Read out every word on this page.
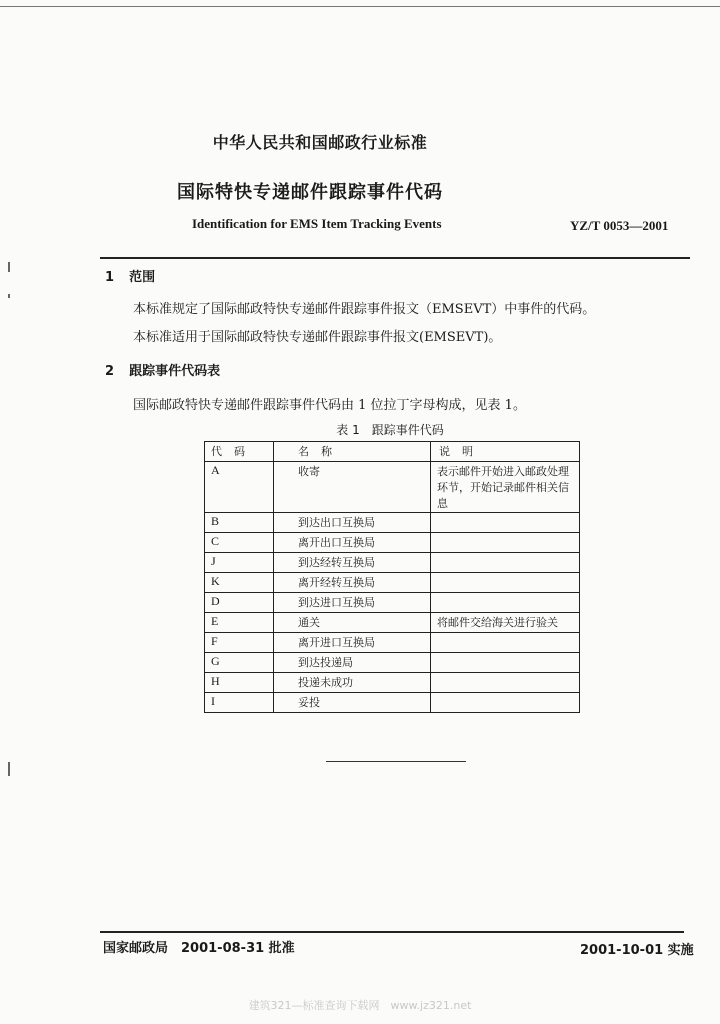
中华人民共和国邮政行业标准
国际特快专递邮件跟踪事件代码
Identification for EMS Item Tracking Events	YZ/T 0053—2001
1 范围
本标准规定了国际邮政特快专递邮件跟踪事件报文（EMSEVT）中事件的代码。
本标准适用于国际邮政特快专递邮件跟踪事件报文(EMSEVT)。
2 跟踪事件代码表
国际邮政特快专递邮件跟踪事件代码由 1 位拉丁字母构成，见表 1。
表 1　跟踪事件代码
代码	名称	说明
A	收寄	表示邮件开始进入邮政处理环节，开始记录邮件相关信息
B	到达出口互换局	
C	离开出口互换局	
J	到达经转互换局	
K	离开经转互换局	
D	到达进口互换局	
E	通关	将邮件交给海关进行验关
F	离开进口互换局	
G	到达投递局	
H	投递未成功	
I	妥投	
国家邮政局　2001-08-31 批准	2001-10-01 实施
建筑321—标准查询下载网　www.jz321.net
